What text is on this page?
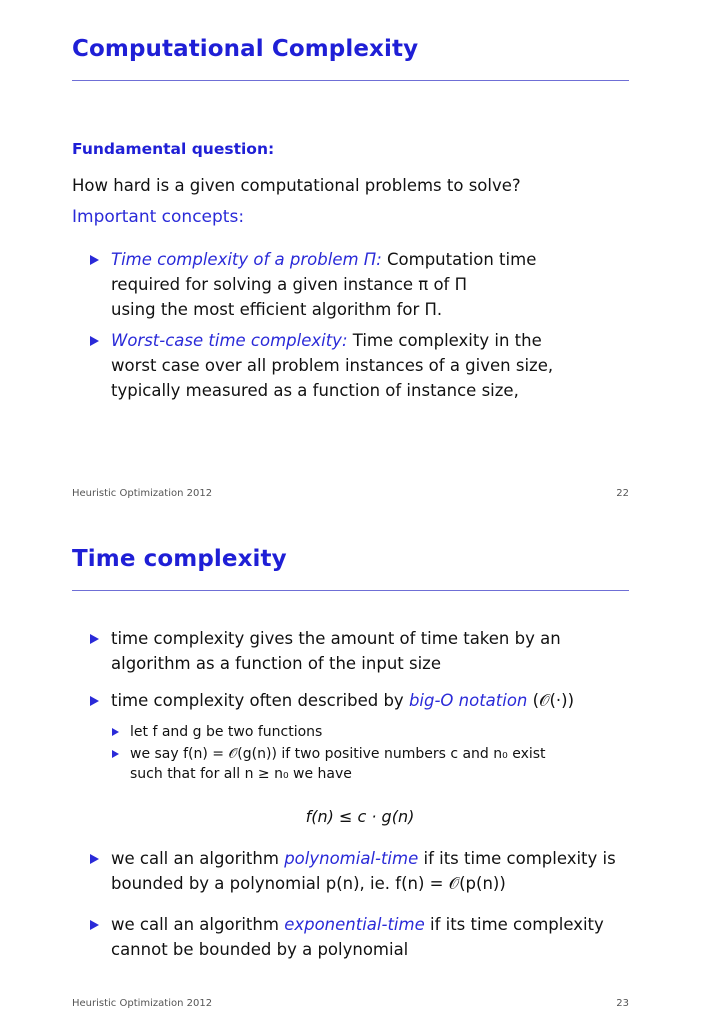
Computational Complexity
Fundamental question:
How hard is a given computational problems to solve?
Important concepts:
Time complexity of a problem Π: Computation time
required for solving a given instance π of Π
using the most efficient algorithm for Π.
Worst-case time complexity: Time complexity in the
worst case over all problem instances of a given size,
typically measured as a function of instance size,
Heuristic Optimization 2012	22
Time complexity
time complexity gives the amount of time taken by an
algorithm as a function of the input size
time complexity often described by big-O notation (𝒪(·))
let f and g be two functions
we say f(n) = 𝒪(g(n)) if two positive numbers c and n₀ exist
such that for all n ≥ n₀ we have
f(n) ≤ c · g(n)
we call an algorithm polynomial-time if its time complexity is
bounded by a polynomial p(n), ie. f(n) = 𝒪(p(n))
we call an algorithm exponential-time if its time complexity
cannot be bounded by a polynomial
Heuristic Optimization 2012	23
